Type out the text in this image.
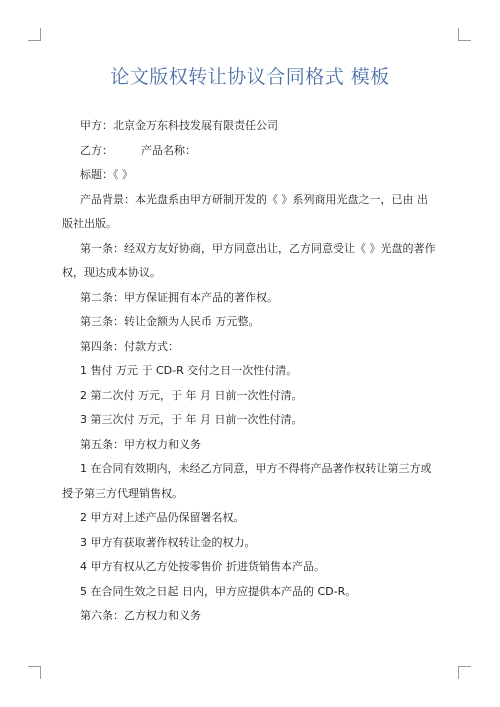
论文版权转让协议合同格式 模板

甲方：北京金万东科技发展有限责任公司

乙方：	产品名称：

标题：《 》

产品背景：本光盘系由甲方研制开发的《 》系列商用光盘之一，已由 出版社出版。

第一条：经双方友好协商，甲方同意出让，乙方同意受让《 》光盘的著作权，现达成本协议。

第二条：甲方保证拥有本产品的著作权。

第三条：转让金额为人民币 万元整。

第四条：付款方式：

1 售付 万元 于 CD-R 交付之日一次性付清。

2 第二次付 万元，于 年 月 日前一次性付清。

3 第三次付 万元，于 年 月 日前一次性付清。

第五条：甲方权力和义务

1 在合同有效期内，未经乙方同意，甲方不得将产品著作权转让第三方或授予第三方代理销售权。

2 甲方对上述产品仍保留署名权。

3 甲方有获取著作权转让金的权力。

4 甲方有权从乙方处按零售价 折进货销售本产品。

5 在合同生效之日起 日内，甲方应提供本产品的 CD-R。

第六条：乙方权力和义务
